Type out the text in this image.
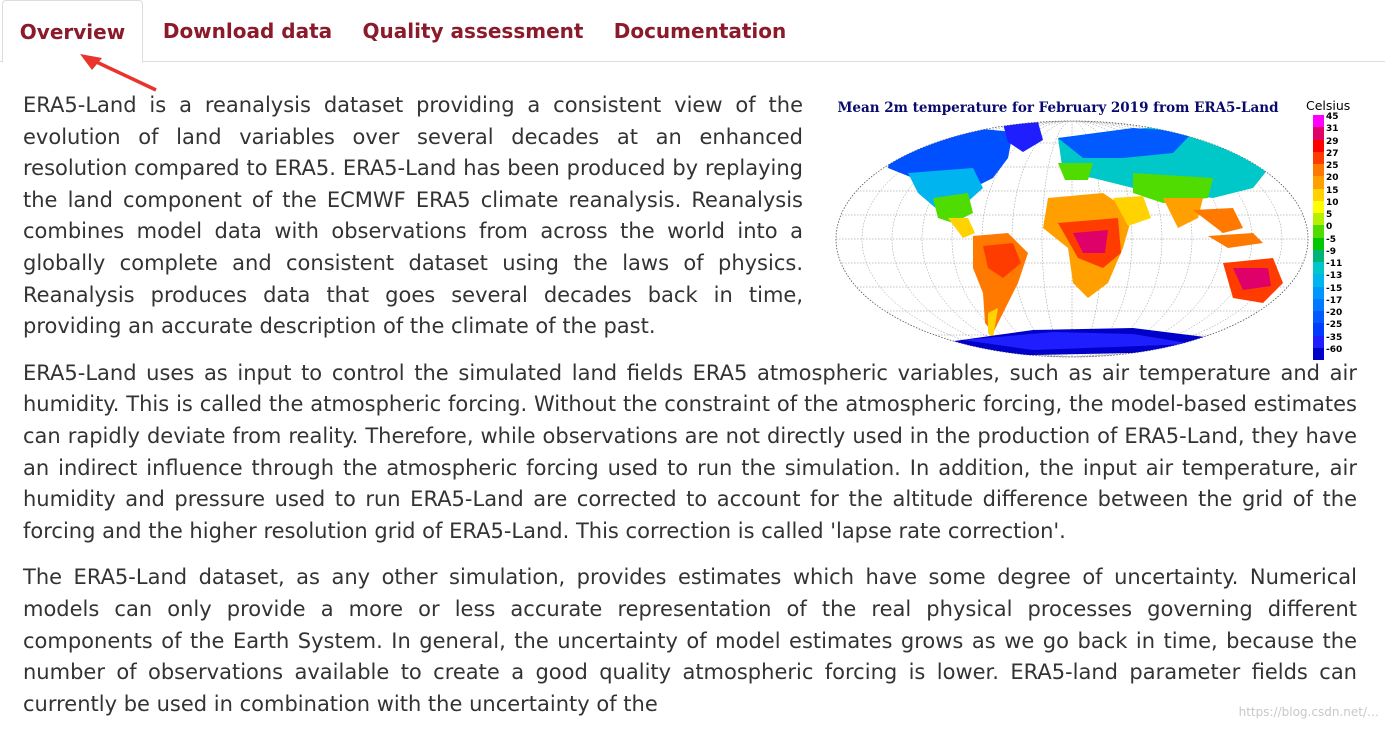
Overview	Download data Quality assessment Documentation
Mean 2m temperature for February 2019 from ERA5-Land	Celsius
45
31
29
27
25
20
15
10
5
0
-5
-9
-11
-13
-15
-17
-20
-25
-35
-60

ERA5-Land is a reanalysis dataset providing a consistent view of the evolution of land variables over several decades at an enhanced resolution compared to ERA5. ERA5-Land has been produced by replaying the land component of the ECMWF ERA5 climate reanalysis. Reanalysis combines model data with observations from across the world into a globally complete and consistent dataset using the laws of physics. Reanalysis produces data that goes several decades back in time, providing an accurate description of the climate of the past.

ERA5-Land uses as input to control the simulated land fields ERA5 atmospheric variables, such as air temperature and air humidity. This is called the atmospheric forcing. Without the constraint of the atmospheric forcing, the model-based estimates can rapidly deviate from reality. Therefore, while observations are not directly used in the production of ERA5-Land, they have an indirect influence through the atmospheric forcing used to run the simulation. In addition, the input air temperature, air humidity and pressure used to run ERA5-Land are corrected to account for the altitude difference between the grid of the forcing and the higher resolution grid of ERA5-Land. This correction is called 'lapse rate correction'.

The ERA5-Land dataset, as any other simulation, provides estimates which have some degree of uncertainty. Numerical models can only provide a more or less accurate representation of the real physical processes governing different components of the Earth System. In general, the uncertainty of model estimates grows as we go back in time, because the number of observations available to create a good quality atmospheric forcing is lower. ERA5-land parameter fields can currently be used in combination with the uncertainty of the	https://blog.csdn.net/…
